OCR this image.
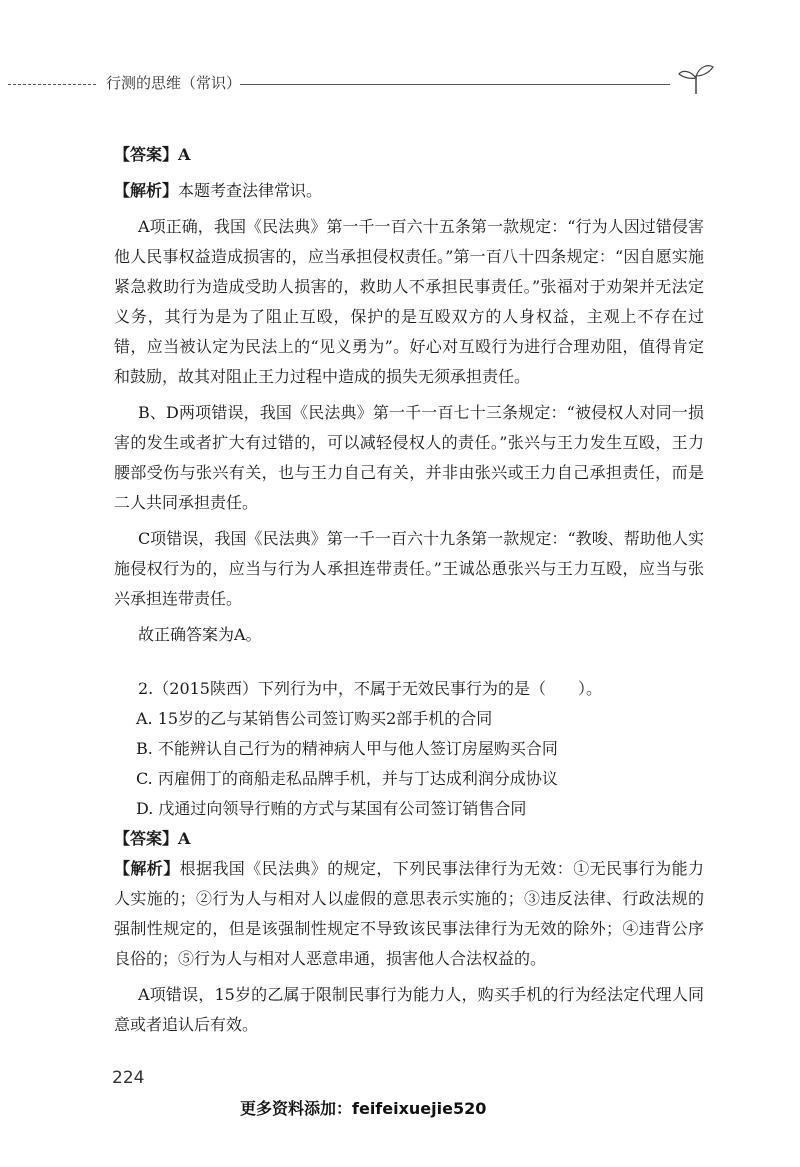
行测的思维（常识）

【答案】A

【解析】本题考查法律常识。

A项正确，我国《民法典》第一千一百六十五条第一款规定：“行为人因过错侵害他人民事权益造成损害的，应当承担侵权责任。”第一百八十四条规定：“因自愿实施紧急救助行为造成受助人损害的，救助人不承担民事责任。”张福对于劝架并无法定义务，其行为是为了阻止互殴，保护的是互殴双方的人身权益，主观上不存在过错，应当被认定为民法上的“见义勇为”。好心对互殴行为进行合理劝阻，值得肯定和鼓励，故其对阻止王力过程中造成的损失无须承担责任。

B、D两项错误，我国《民法典》第一千一百七十三条规定：“被侵权人对同一损害的发生或者扩大有过错的，可以减轻侵权人的责任。”张兴与王力发生互殴，王力腰部受伤与张兴有关，也与王力自己有关，并非由张兴或王力自己承担责任，而是二人共同承担责任。

C项错误，我国《民法典》第一千一百六十九条第一款规定：“教唆、帮助他人实施侵权行为的，应当与行为人承担连带责任。”王诚怂恿张兴与王力互殴，应当与张兴承担连带责任。

故正确答案为A。

2.（2015陕西）下列行为中，不属于无效民事行为的是（　　）。

A. 15岁的乙与某销售公司签订购买2部手机的合同

B. 不能辨认自己行为的精神病人甲与他人签订房屋购买合同

C. 丙雇佣丁的商船走私品牌手机，并与丁达成利润分成协议

D. 戊通过向领导行贿的方式与某国有公司签订销售合同

【答案】A

【解析】根据我国《民法典》的规定，下列民事法律行为无效：①无民事行为能力人实施的；②行为人与相对人以虚假的意思表示实施的；③违反法律、行政法规的强制性规定的，但是该强制性规定不导致该民事法律行为无效的除外；④违背公序良俗的；⑤行为人与相对人恶意串通，损害他人合法权益的。

A项错误，15岁的乙属于限制民事行为能力人，购买手机的行为经法定代理人同意或者追认后有效。

224
更多资料添加：feifeixuejie520
